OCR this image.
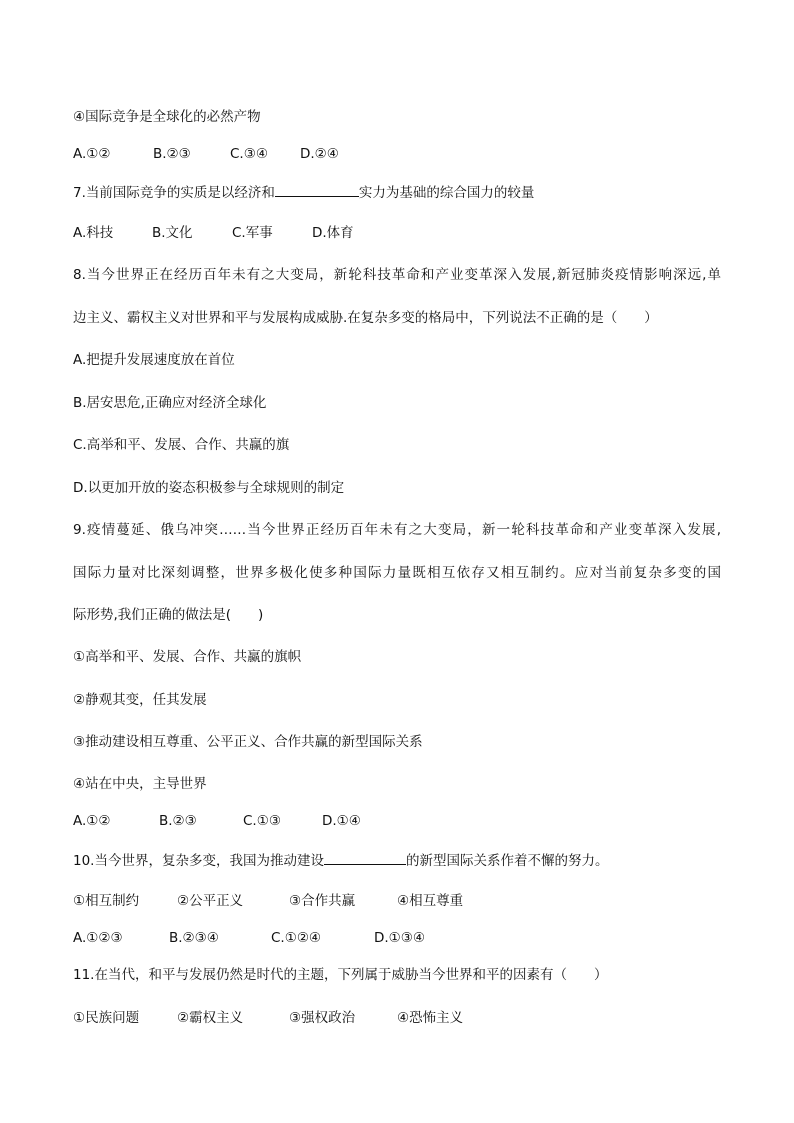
④国际竞争是全球化的必然产物
A.①②	B.②③	C.③④	D.②④
7.当前国际竞争的实质是以经济和	实力为基础的综合国力的较量
A.科技	B.文化	C.军事	D.体育
8.当今世界正在经历百年未有之大变局，新轮科技革命和产业变革深入发展,新冠肺炎疫情影响深远,单
边主义、霸权主义对世界和平与发展构成威胁.在复杂多变的格局中，下列说法不正确的是（　　）
A.把提升发展速度放在首位
B.居安思危,正确应对经济全球化
C.高举和平、发展、合作、共赢的旗
D.以更加开放的姿态积极参与全球规则的制定
9.疫情蔓延、俄乌冲突……当今世界正经历百年未有之大变局，新一轮科技革命和产业变革深入发展,
国际力量对比深刻调整，世界多极化使多种国际力量既相互依存又相互制约。应对当前复杂多变的国
际形势,我们正确的做法是(　　)
①高举和平、发展、合作、共赢的旗帜
②静观其变，任其发展
③推动建设相互尊重、公平正义、合作共赢的新型国际关系
④站在中央，主导世界
A.①②	B.②③	C.①③	D.①④
10.当今世界，复杂多变，我国为推动建设	的新型国际关系作着不懈的努力。
①相互制约	②公平正义	③合作共赢	④相互尊重
A.①②③	B.②③④	C.①②④	D.①③④
11.在当代，和平与发展仍然是时代的主题，下列属于威胁当今世界和平的因素有（　　）
①民族问题	②霸权主义	③强权政治	④恐怖主义
